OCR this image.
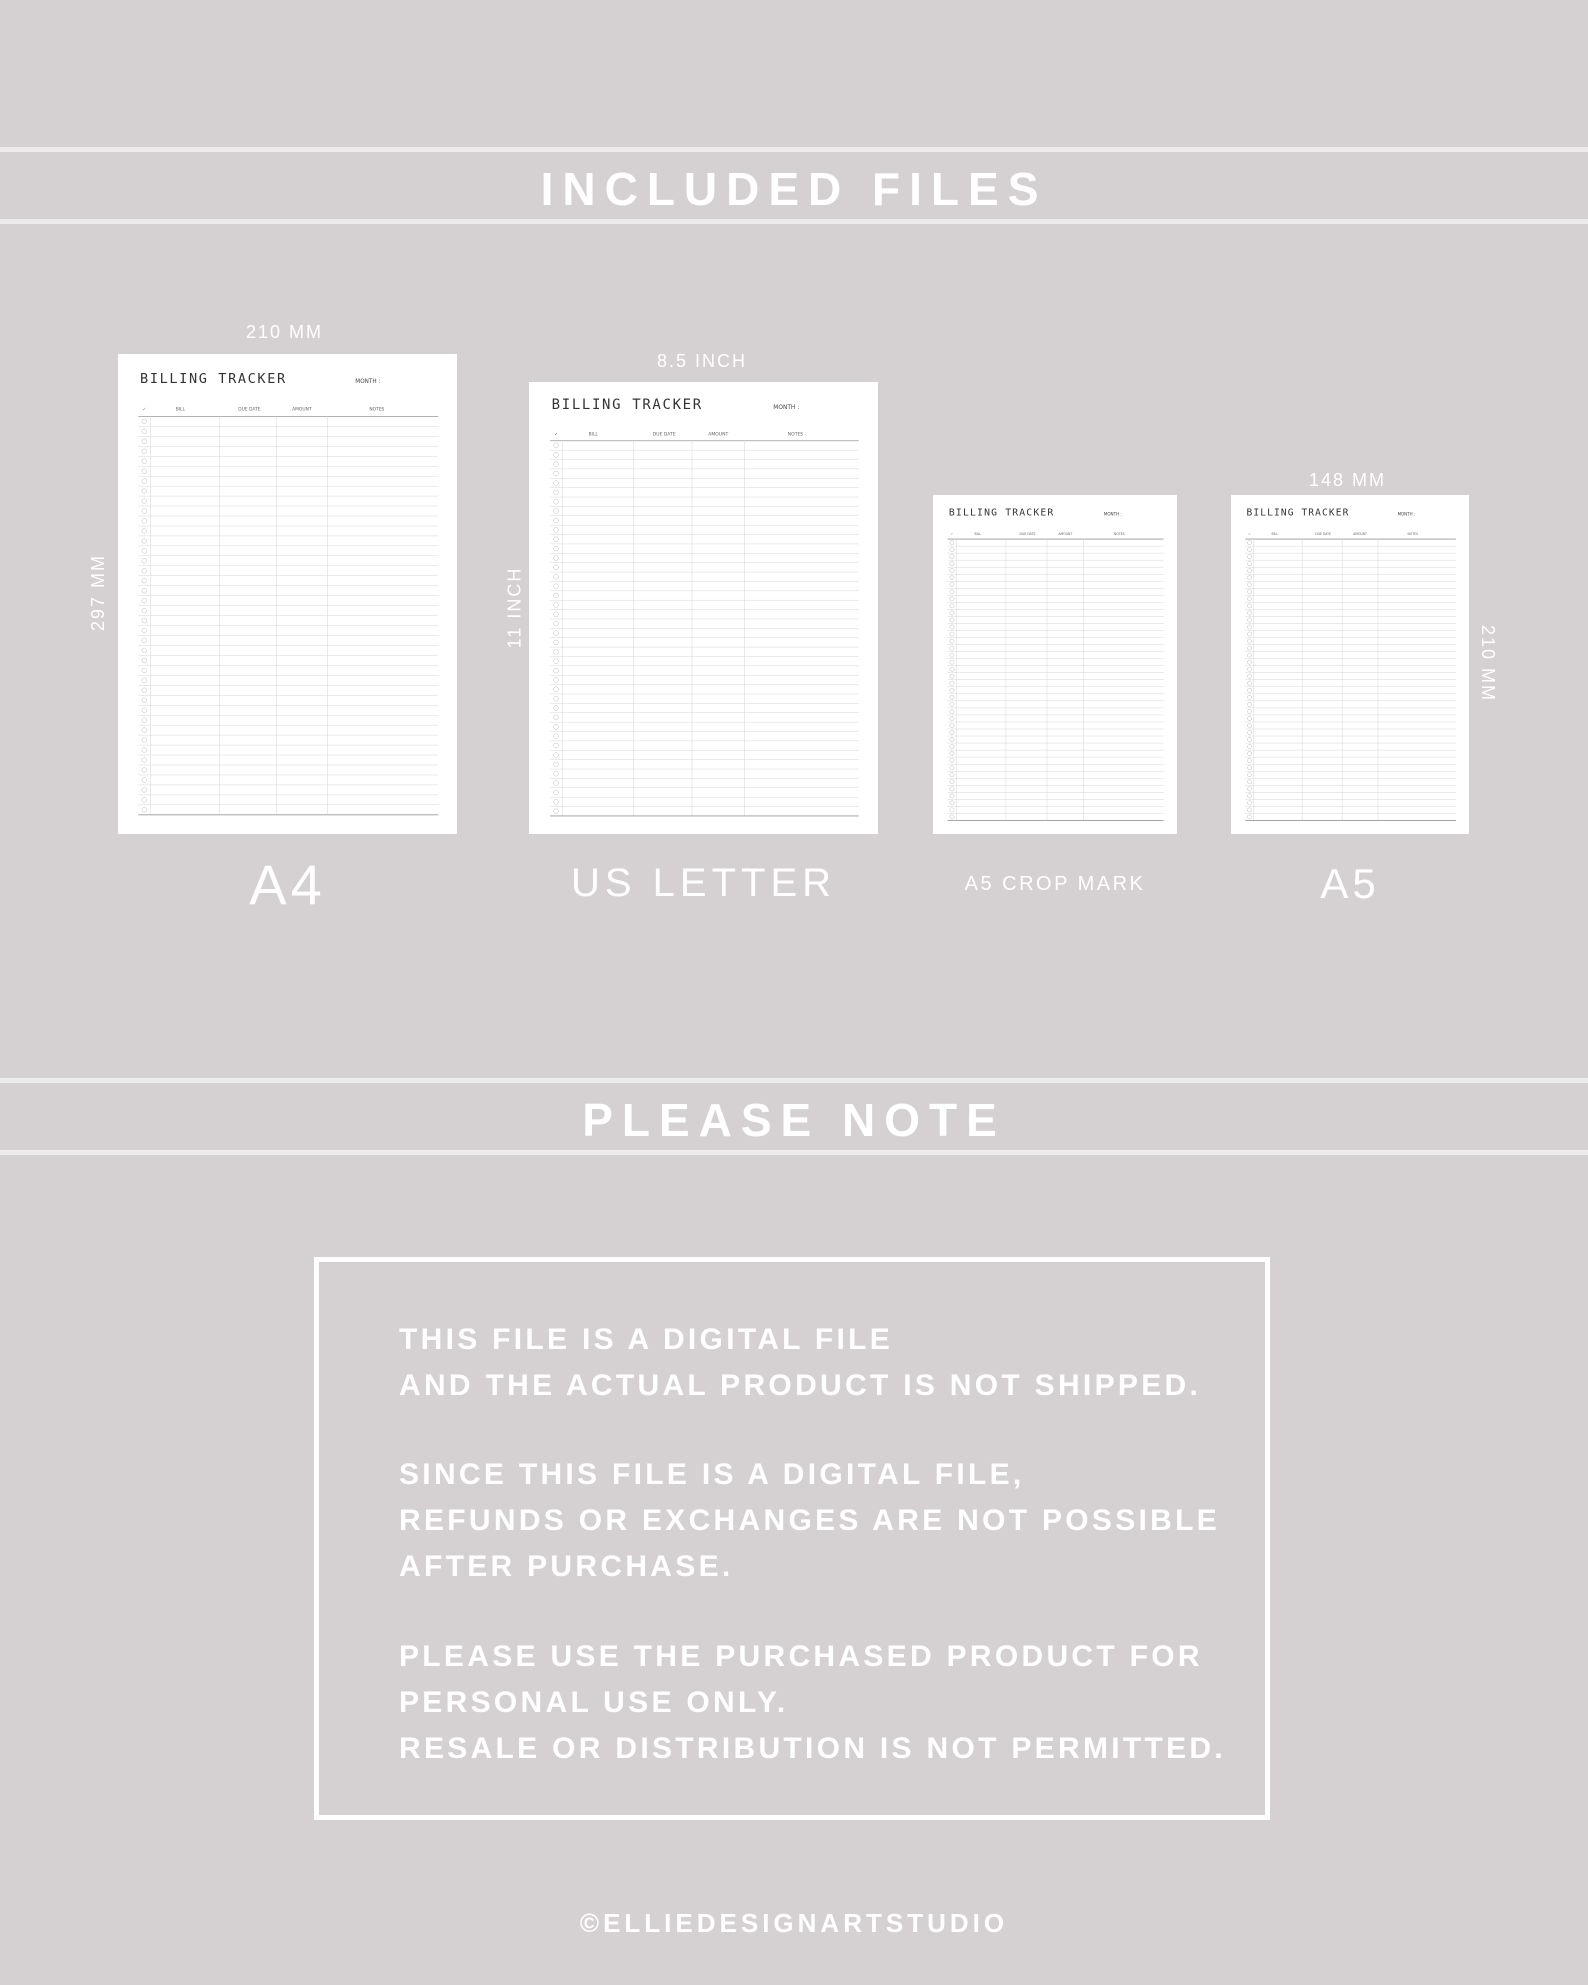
INCLUDED FILES
210 MM
297 MM
BILLING TRACKER	MONTH :
✓	BILL	DUE DATE	AMOUNT	NOTES
A4
8.5 INCH
11 INCH
BILLING TRACKER	MONTH :
✓	BILL	DUE DATE	AMOUNT	NOTES
US LETTER
BILLING TRACKER	MONTH :
✓	BILL	DUE DATE	AMOUNT	NOTES
A5 CROP MARK
148 MM
210 MM
BILLING TRACKER	MONTH :
✓	BILL	DUE DATE	AMOUNT	NOTES
A5
PLEASE NOTE
THIS FILE IS A DIGITAL FILE
AND THE ACTUAL PRODUCT IS NOT SHIPPED.
SINCE THIS FILE IS A DIGITAL FILE,
REFUNDS OR EXCHANGES ARE NOT POSSIBLE
AFTER PURCHASE.
PLEASE USE THE PURCHASED PRODUCT FOR
PERSONAL USE ONLY.
RESALE OR DISTRIBUTION IS NOT PERMITTED.
©ELLIEDESIGNARTSTUDIO
